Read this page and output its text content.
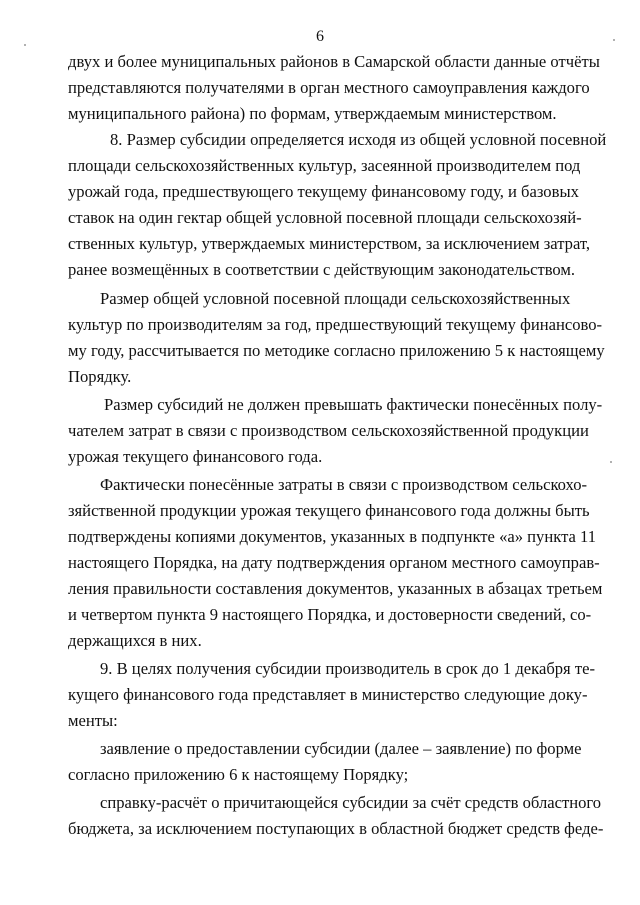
6
двух и более муниципальных районов в Самарской области данные отчёты
представляются получателями в орган местного самоуправления каждого
муниципального района) по формам, утверждаемым министерством.
8. Размер субсидии определяется исходя из общей условной посевной
площади сельскохозяйственных культур, засеянной производителем под
урожай года, предшествующего текущему финансовому году, и базовых
ставок на один гектар общей условной посевной площади сельскохозяй-
ственных культур, утверждаемых министерством, за исключением затрат,
ранее возмещённых в соответствии с действующим законодательством.
Размер общей условной посевной площади сельскохозяйственных
культур по производителям за год, предшествующий текущему финансово-
му году, рассчитывается по методике согласно приложению 5 к настоящему
Порядку.
Размер субсидий не должен превышать фактически понесённых полу-
чателем затрат в связи с производством сельскохозяйственной продукции
урожая текущего финансового года.
Фактически понесённые затраты в связи с производством сельскохо-
зяйственной продукции урожая текущего финансового года должны быть
подтверждены копиями документов, указанных в подпункте «а» пункта 11
настоящего Порядка, на дату подтверждения органом местного самоуправ-
ления правильности составления документов, указанных в абзацах третьем
и четвертом пункта 9 настоящего Порядка, и достоверности сведений, со-
держащихся в них.
9. В целях получения субсидии производитель в срок до 1 декабря те-
кущего финансового года представляет в министерство следующие доку-
менты:
заявление о предоставлении субсидии (далее – заявление) по форме
согласно приложению 6 к настоящему Порядку;
справку-расчёт о причитающейся субсидии за счёт средств областного
бюджета, за исключением поступающих в областной бюджет средств феде-
